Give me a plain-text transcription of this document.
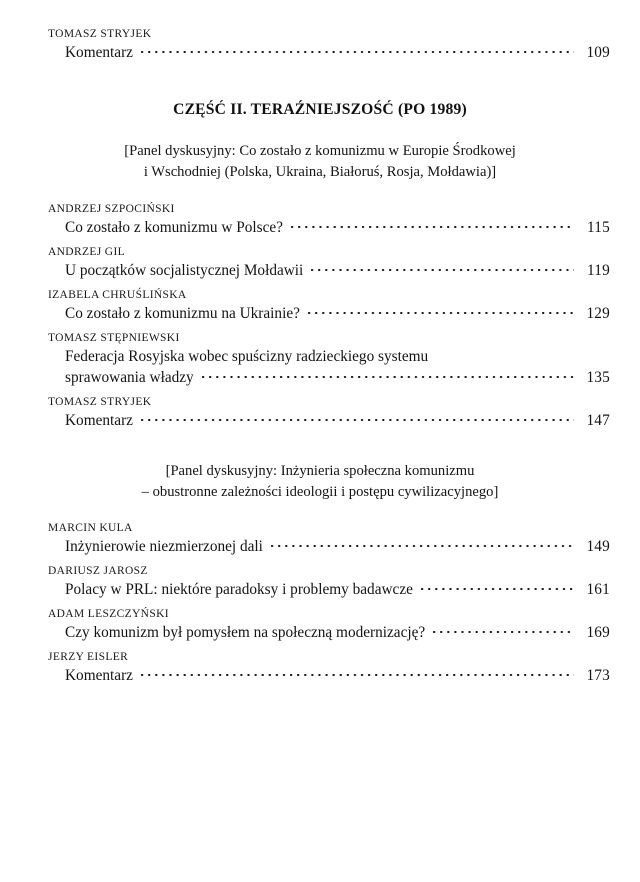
TOMASZ STRYJEK
Komentarz	109
CZĘŚĆ II. TERAŹNIEJSZOŚĆ (PO 1989)
[Panel dyskusyjny: Co zostało z komunizmu w Europie Środkowej
i Wschodniej (Polska, Ukraina, Białoruś, Rosja, Mołdawia)]
ANDRZEJ SZPOCIŃSKI
Co zostało z komunizmu w Polsce?	115
ANDRZEJ GIL
U początków socjalistycznej Mołdawii	119
IZABELA CHRUŚLIŃSKA
Co zostało z komunizmu na Ukrainie?	129
TOMASZ STĘPNIEWSKI
Federacja Rosyjska wobec spuścizny radzieckiego systemu
sprawowania władzy	135
TOMASZ STRYJEK
Komentarz	147
[Panel dyskusyjny: Inżynieria społeczna komunizmu
– obustronne zależności ideologii i postępu cywilizacyjnego]
MARCIN KULA
Inżynierowie niezmierzonej dali	149
DARIUSZ JAROSZ
Polacy w PRL: niektóre paradoksy i problemy badawcze	161
ADAM LESZCZYŃSKI
Czy komunizm był pomysłem na społeczną modernizację?	169
JERZY EISLER
Komentarz	173
